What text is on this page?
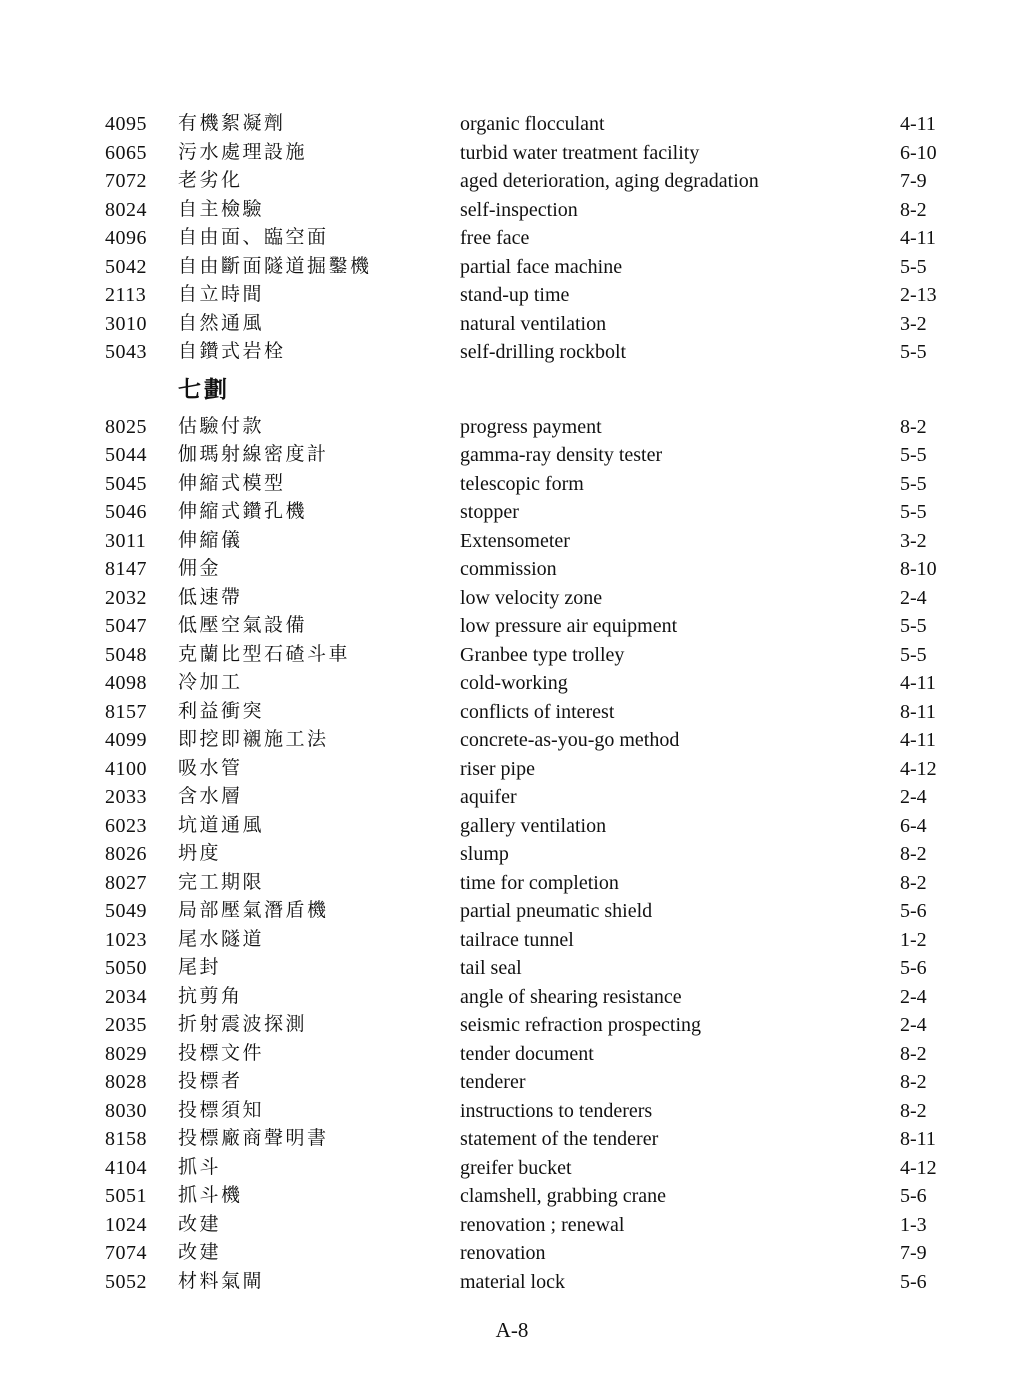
4095	有機絮凝劑	organic flocculant	4-11
6065	污水處理設施	turbid water treatment facility	6-10
7072	老劣化	aged deterioration, aging degradation	7-9
8024	自主檢驗	self-inspection	8-2
4096	自由面、臨空面	free face	4-11
5042	自由斷面隧道掘鑿機	partial face machine	5-5
2113	自立時間	stand-up time	2-13
3010	自然通風	natural ventilation	3-2
5043	自鑽式岩栓	self-drilling rockbolt	5-5
七劃
8025	估驗付款	progress payment	8-2
5044	伽瑪射線密度計	gamma-ray density tester	5-5
5045	伸縮式模型	telescopic form	5-5
5046	伸縮式鑽孔機	stopper	5-5
3011	伸縮儀	Extensometer	3-2
8147	佣金	commission	8-10
2032	低速帶	low velocity zone	2-4
5047	低壓空氣設備	low pressure air equipment	5-5
5048	克蘭比型石碴斗車	Granbee type trolley	5-5
4098	冷加工	cold-working	4-11
8157	利益衝突	conflicts of interest	8-11
4099	即挖即襯施工法	concrete-as-you-go method	4-11
4100	吸水管	riser pipe	4-12
2033	含水層	aquifer	2-4
6023	坑道通風	gallery ventilation	6-4
8026	坍度	slump	8-2
8027	完工期限	time for completion	8-2
5049	局部壓氣潛盾機	partial pneumatic shield	5-6
1023	尾水隧道	tailrace tunnel	1-2
5050	尾封	tail seal	5-6
2034	抗剪角	angle of shearing resistance	2-4
2035	折射震波探測	seismic refraction prospecting	2-4
8029	投標文件	tender document	8-2
8028	投標者	tenderer	8-2
8030	投標須知	instructions to tenderers	8-2
8158	投標廠商聲明書	statement of the tenderer	8-11
4104	抓斗	greifer bucket	4-12
5051	抓斗機	clamshell, grabbing crane	5-6
1024	改建	renovation ; renewal	1-3
7074	改建	renovation	7-9
5052	材料氣閘	material lock	5-6
A-8
